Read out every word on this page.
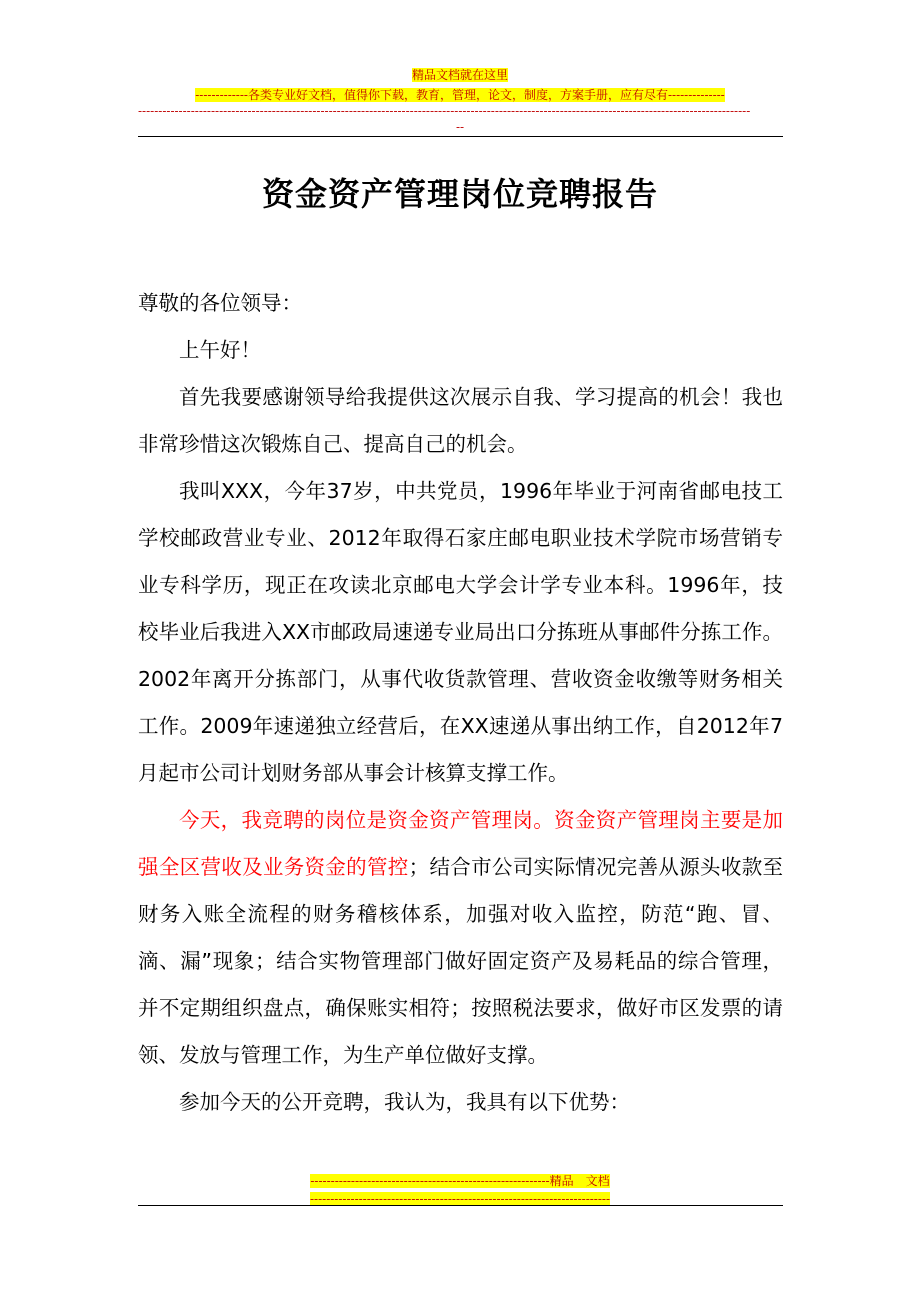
精品文档就在这里
-------------各类专业好文档，值得你下载，教育，管理，论文，制度，方案手册，应有尽有--------------
-------------------------------------------------------------------------------------------------------------------------------------------------------
--
资金资产管理岗位竞聘报告

尊敬的各位领导：

上午好！

首先我要感谢领导给我提供这次展示自我、学习提高的机会！我也非常珍惜这次锻炼自己、提高自己的机会。

我叫XXX，今年37岁，中共党员，1996年毕业于河南省邮电技工学校邮政营业专业、2012年取得石家庄邮电职业技术学院市场营销专业专科学历，现正在攻读北京邮电大学会计学专业本科。1996年，技校毕业后我进入XX市邮政局速递专业局出口分拣班从事邮件分拣工作。2002年离开分拣部门，从事代收货款管理、营收资金收缴等财务相关工作。2009年速递独立经营后，在XX速递从事出纳工作，自2012年7月起市公司计划财务部从事会计核算支撑工作。

今天，我竞聘的岗位是资金资产管理岗。资金资产管理岗主要是加强全区营收及业务资金的管控；结合市公司实际情况完善从源头收款至财务入账全流程的财务稽核体系，加强对收入监控，防范“跑、冒、滴、漏”现象；结合实物管理部门做好固定资产及易耗品的综合管理，并不定期组织盘点，确保账实相符；按照税法要求，做好市区发票的请领、发放与管理工作，为生产单位做好支撑。

参加今天的公开竞聘，我认为，我具有以下优势：

-----------------------------------------------------------精品　文档
--------------------------------------------------------------------------
